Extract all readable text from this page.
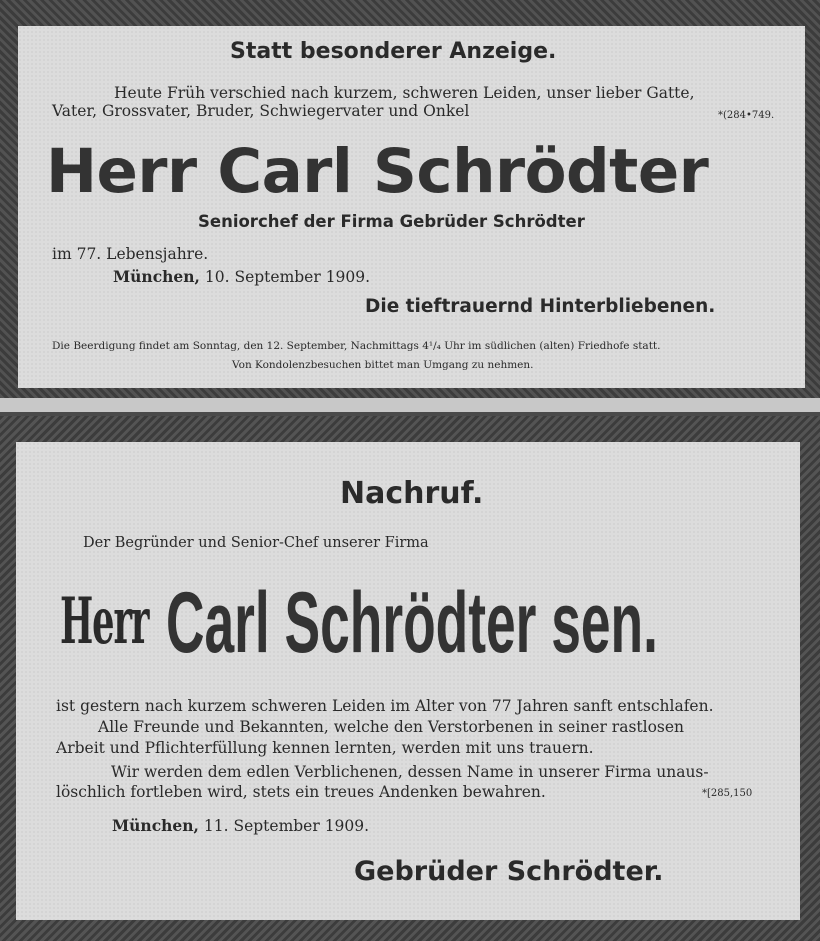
Statt besonderer Anzeige.
Heute Früh verschied nach kurzem, schweren Leiden, unser lieber Gatte,
Vater, Grossvater, Bruder, Schwiegervater und Onkel	*(284•749.
Herr Carl Schrödter
Seniorchef der Firma Gebrüder Schrödter
im 77. Lebensjahre.
München, 10. September 1909.
Die tieftrauernd Hinterbliebenen.
Die Beerdigung findet am Sonntag, den 12. September, Nachmittags 4¹/₄ Uhr im südlichen (alten) Friedhofe statt.
Von Kondolenzbesuchen bittet man Umgang zu nehmen.
Nachruf.
Der Begründer und Senior-Chef unserer Firma
Herr Carl Schrödter sen.
ist gestern nach kurzem schweren Leiden im Alter von 77 Jahren sanft entschlafen.
Alle Freunde und Bekannten, welche den Verstorbenen in seiner rastlosen
Arbeit und Pflichterfüllung kennen lernten, werden mit uns trauern.
Wir werden dem edlen Verblichenen, dessen Name in unserer Firma unaus-
löschlich fortleben wird, stets ein treues Andenken bewahren.	*[285,150
München, 11. September 1909.
Gebrüder Schrödter.
